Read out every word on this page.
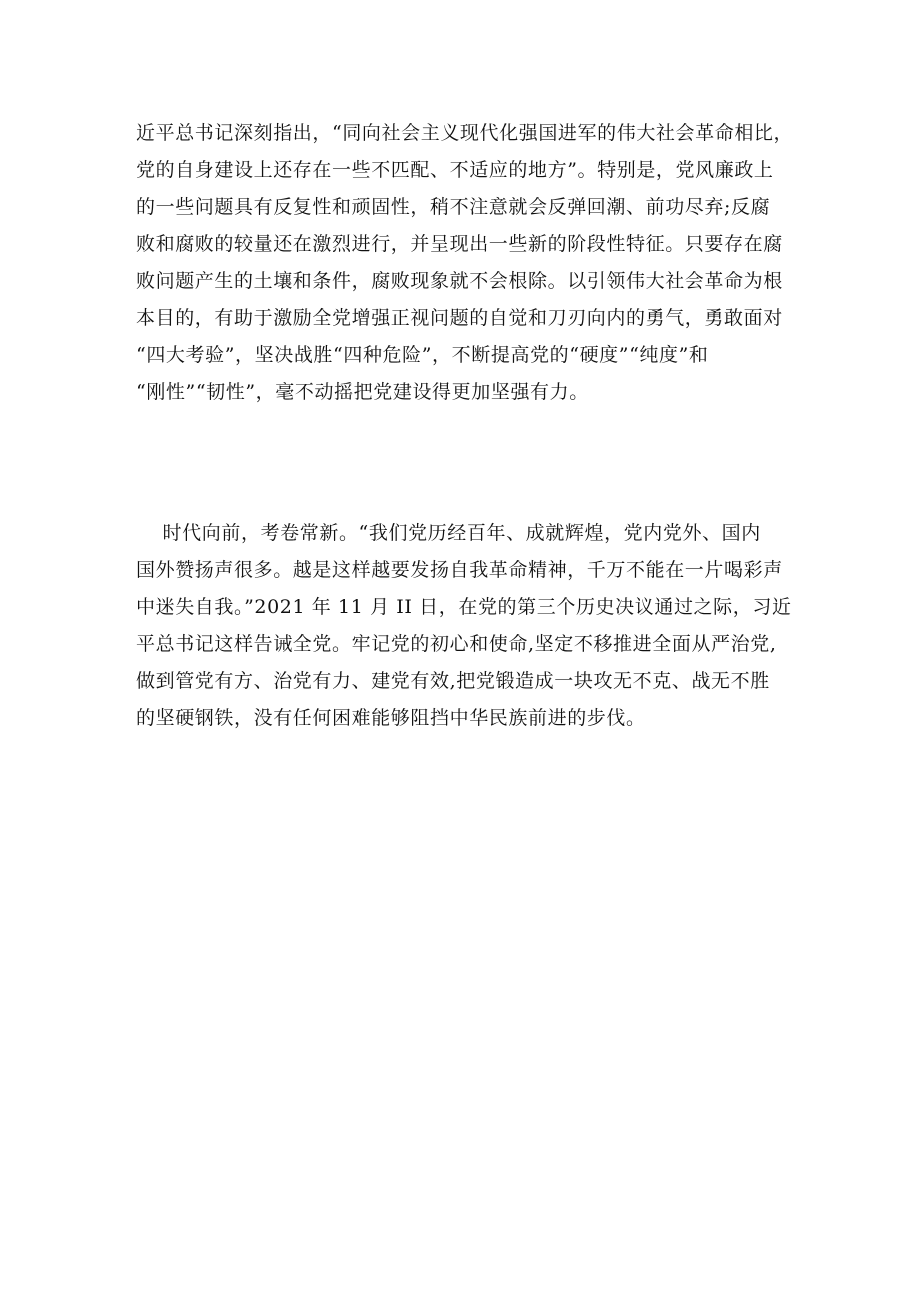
近平总书记深刻指出，“同向社会主义现代化强国进军的伟大社会革命相比，
党的自身建设上还存在一些不匹配、不适应的地方”。特别是，党风廉政上
的一些问题具有反复性和顽固性，稍不注意就会反弹回潮、前功尽弃;反腐
败和腐败的较量还在激烈进行，并呈现出一些新的阶段性特征。只要存在腐
败问题产生的土壤和条件，腐败现象就不会根除。以引领伟大社会革命为根
本目的，有助于激励全党增强正视问题的自觉和刀刃向内的勇气，勇敢面对
“四大考验”，坚决战胜“四种危险”，不断提高党的“硬度”“纯度”和
“刚性”“韧性”，毫不动摇把党建设得更加坚强有力。
时代向前，考卷常新。“我们党历经百年、成就辉煌，党内党外、国内
国外赞扬声很多。越是这样越要发扬自我革命精神，千万不能在一片喝彩声
中迷失自我。”2021 年 11 月 II 日，在党的第三个历史决议通过之际，习近
平总书记这样告诫全党。牢记党的初心和使命,坚定不移推进全面从严治党,
做到管党有方、治党有力、建党有效,把党锻造成一块攻无不克、战无不胜
的坚硬钢铁，没有任何困难能够阻挡中华民族前进的步伐。
